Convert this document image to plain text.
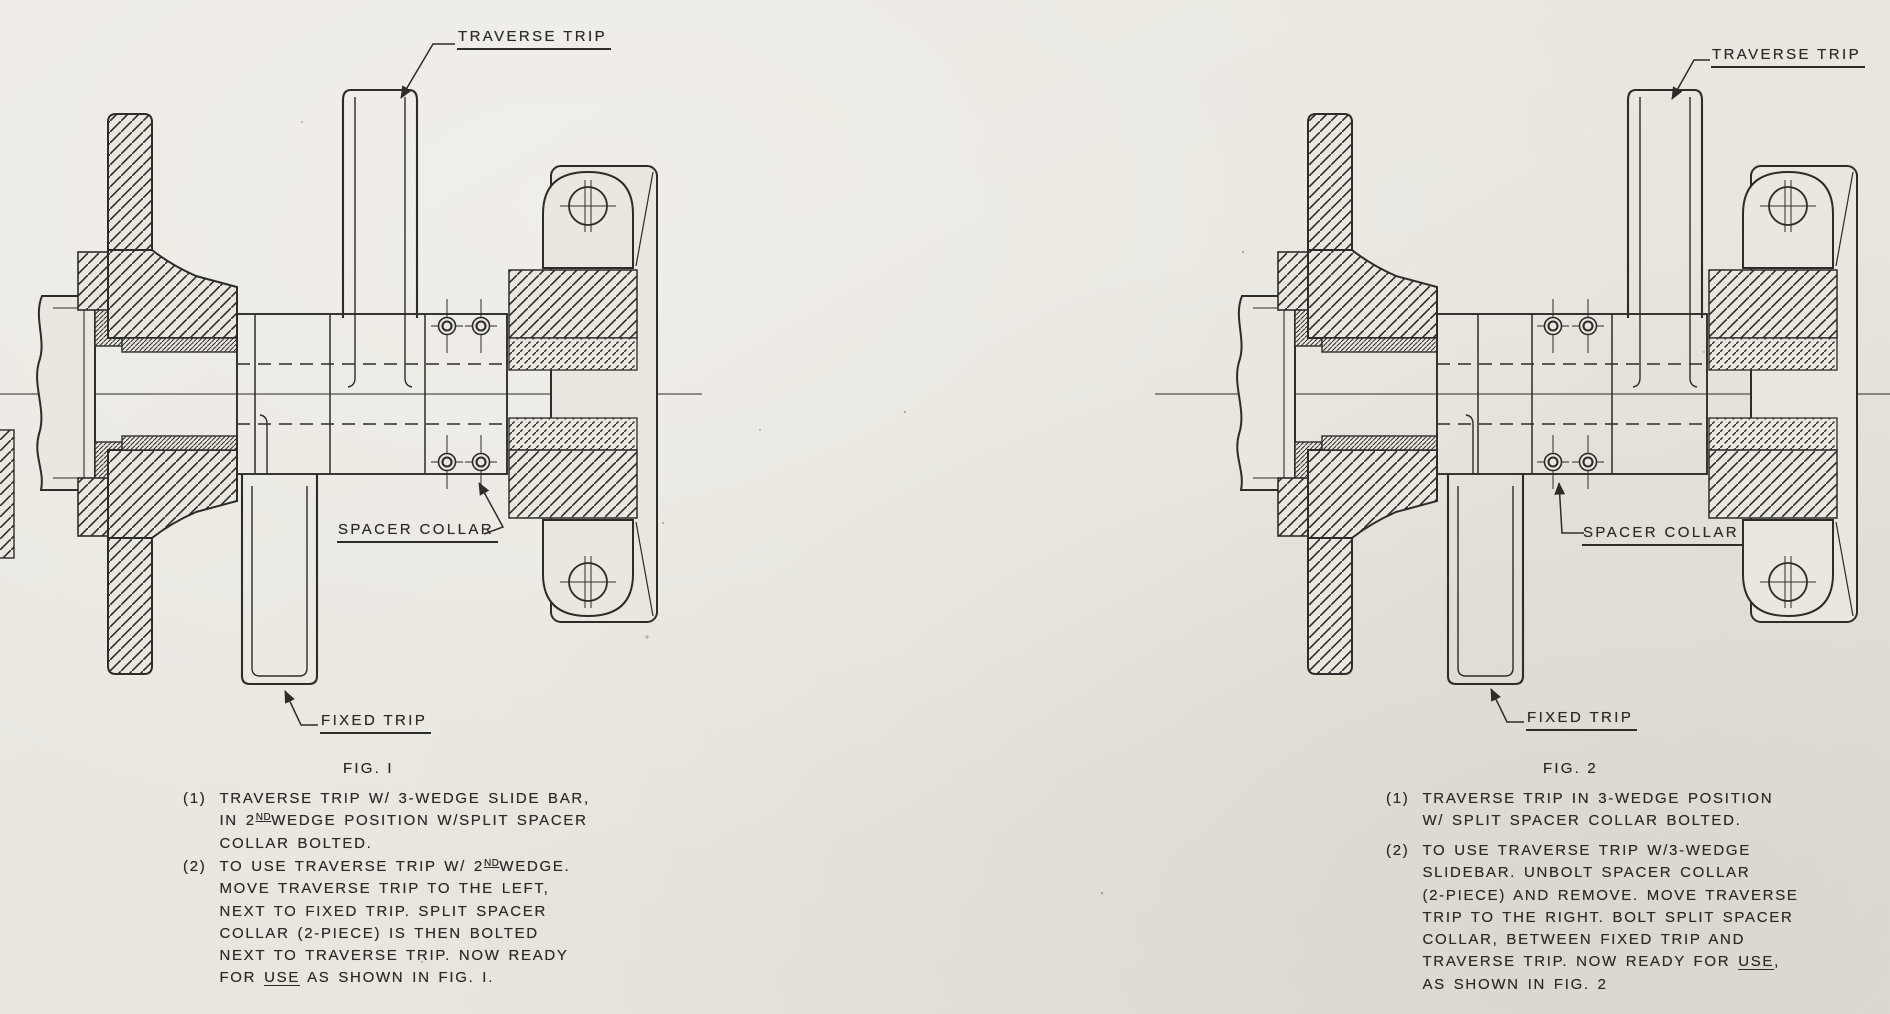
TRAVERSE TRIP
SPACER COLLAR
FIXED TRIP
FIG. I
TRAVERSE TRIP
SPACER COLLAR
FIXED TRIP
FIG. 2
(1) TRAVERSE TRIP W/ 3-WEDGE SLIDE BAR,
IN 2NDWEDGE POSITION W/SPLIT SPACER
COLLAR BOLTED.
(2) TO USE TRAVERSE TRIP W/ 2NDWEDGE.
MOVE TRAVERSE TRIP TO THE LEFT,
NEXT TO FIXED TRIP. SPLIT SPACER
COLLAR (2-PIECE) IS THEN BOLTED
NEXT TO TRAVERSE TRIP. NOW READY
FOR USE AS SHOWN IN FIG. I.
(1) TRAVERSE TRIP IN 3-WEDGE POSITION
W/ SPLIT SPACER COLLAR BOLTED.
(2) TO USE TRAVERSE TRIP W/3-WEDGE
SLIDEBAR. UNBOLT SPACER COLLAR
(2-PIECE) AND REMOVE. MOVE TRAVERSE
TRIP TO THE RIGHT. BOLT SPLIT SPACER
COLLAR, BETWEEN FIXED TRIP AND
TRAVERSE TRIP. NOW READY FOR USE,
AS SHOWN IN FIG. 2
